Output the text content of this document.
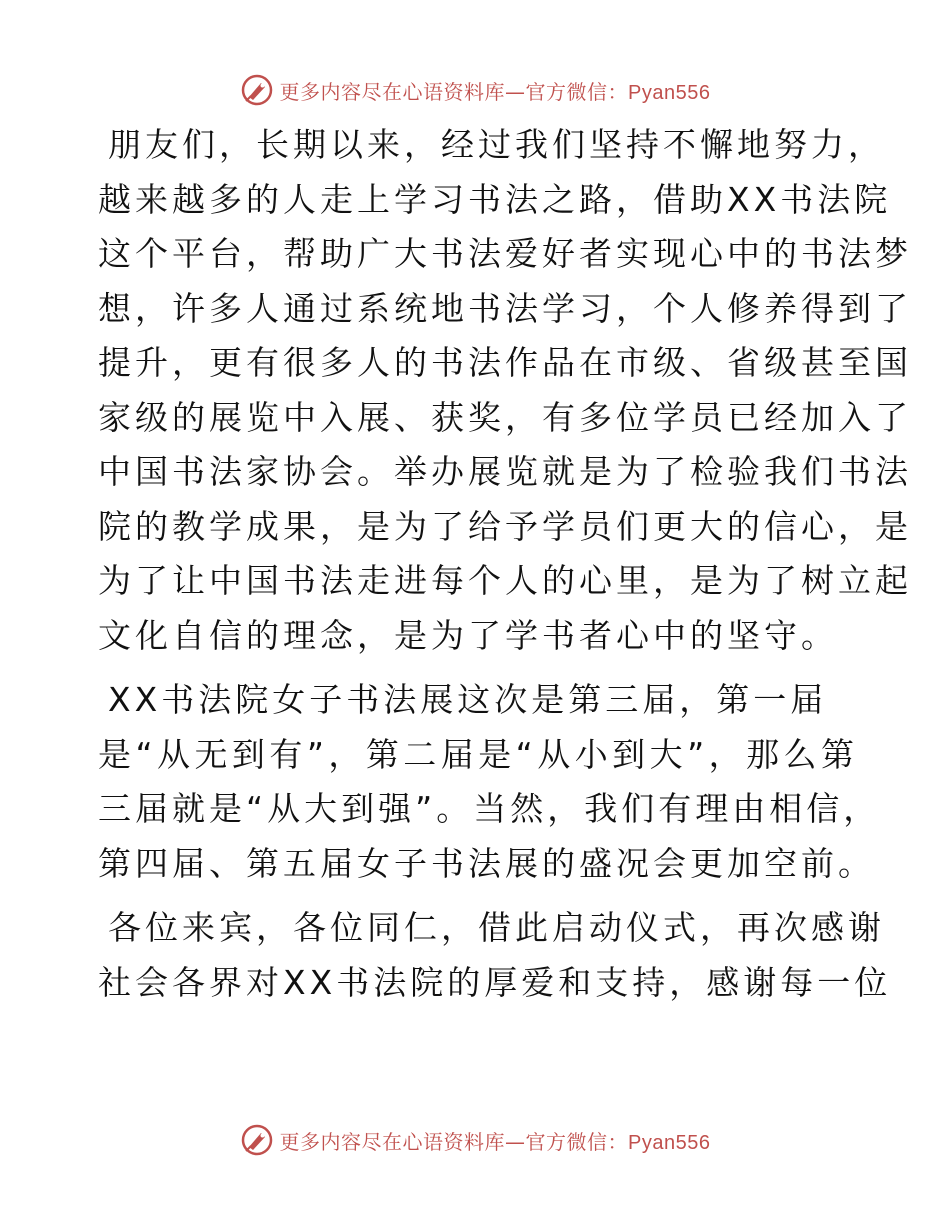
更多内容尽在心语资料库—官方微信：Pyan556
朋友们，长期以来，经过我们坚持不懈地努力，
越来越多的人走上学习书法之路，借助XX书法院
这个平台，帮助广大书法爱好者实现心中的书法梦
想，许多人通过系统地书法学习，个人修养得到了
提升，更有很多人的书法作品在市级、省级甚至国
家级的展览中入展、获奖，有多位学员已经加入了
中国书法家协会。举办展览就是为了检验我们书法
院的教学成果，是为了给予学员们更大的信心，是
为了让中国书法走进每个人的心里，是为了树立起
文化自信的理念，是为了学书者心中的坚守。
XX书法院女子书法展这次是第三届，第一届
是“从无到有”，第二届是“从小到大”，那么第
三届就是“从大到强”。当然，我们有理由相信，
第四届、第五届女子书法展的盛况会更加空前。
各位来宾，各位同仁，借此启动仪式，再次感谢
社会各界对XX书法院的厚爱和支持，感谢每一位
更多内容尽在心语资料库—官方微信：Pyan556
